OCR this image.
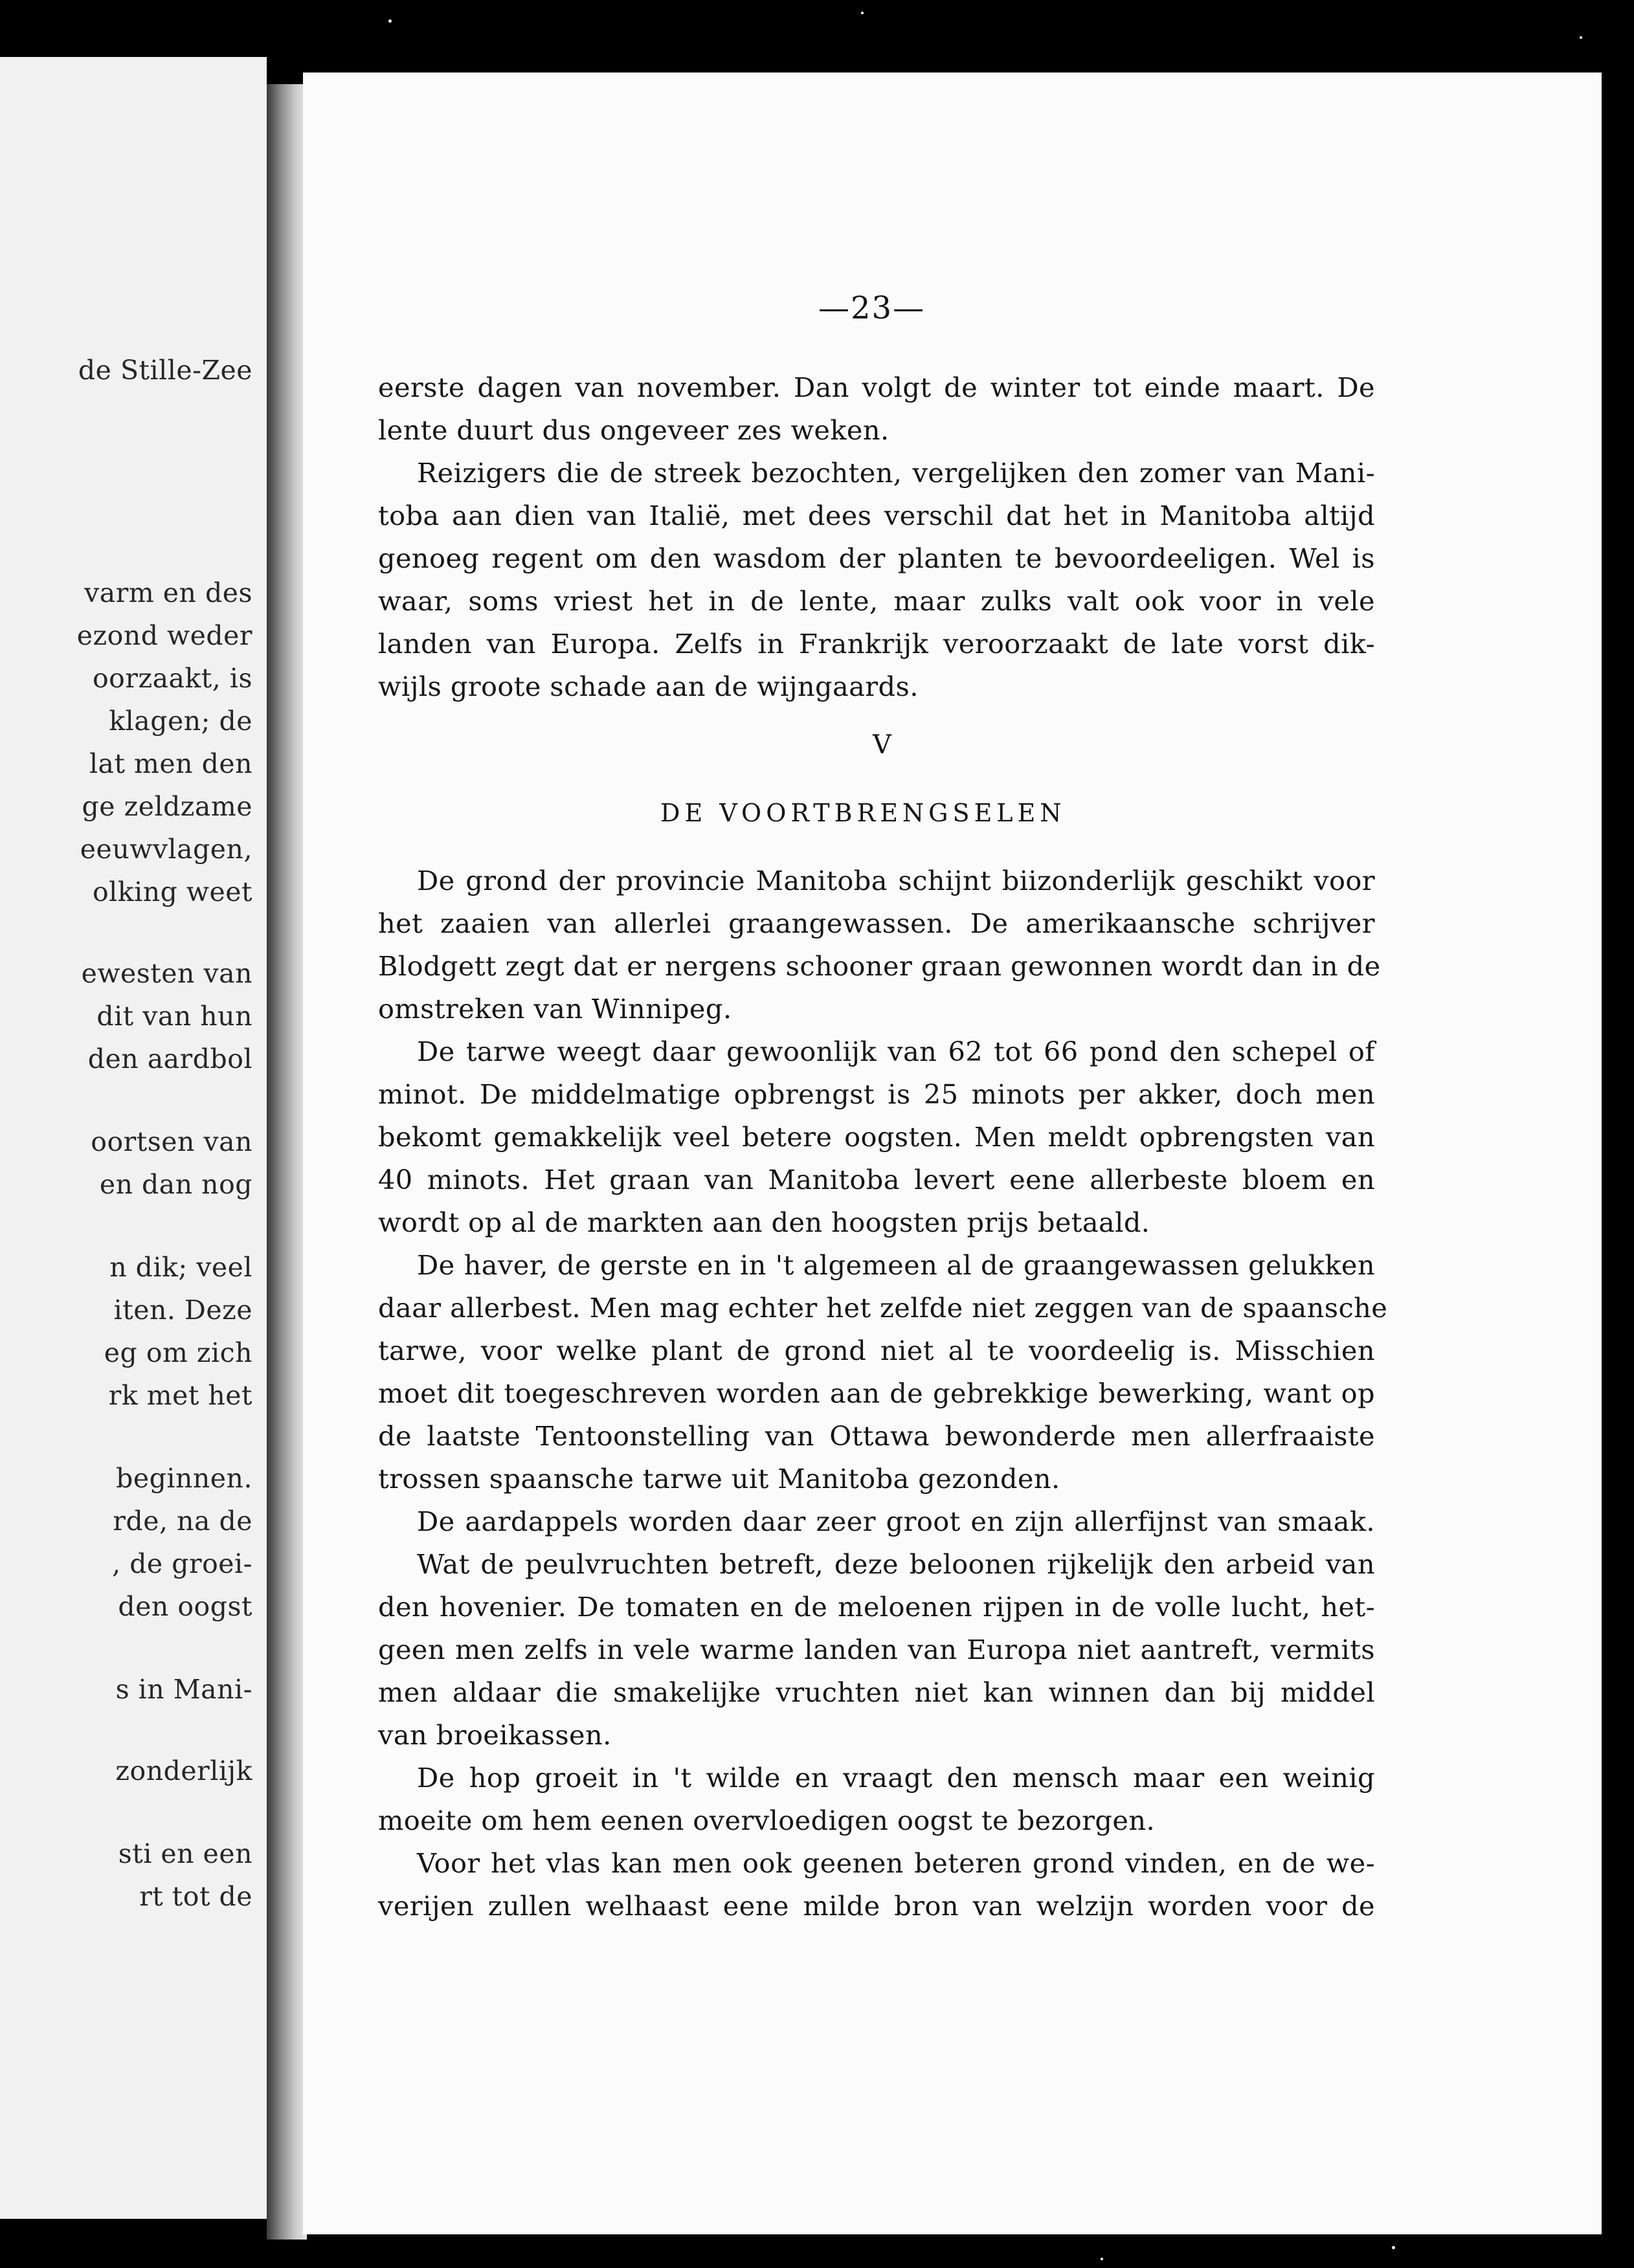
de Stille-Zee
varm en des
ezond weder
oorzaakt, is
klagen; de
lat men den
ge zeldzame
eeuwvlagen,
olking weet
ewesten van
dit van hun
den aardbol
oortsen van
en dan nog
n dik; veel
iten. Deze
eg om zich
rk met het
beginnen.
rde, na de
, de groei-
den oogst
s in Mani-
zonderlijk
sti en een
rt tot de
—23—
V
DE VOORTBRENGSELEN
eerste dagen van november. Dan volgt de winter tot einde maart. De
lente duurt dus ongeveer zes weken.
Reizigers die de streek bezochten, vergelijken den zomer van Mani-
toba aan dien van Italië, met dees verschil dat het in Manitoba altijd
genoeg regent om den wasdom der planten te bevoordeeligen. Wel is
waar, soms vriest het in de lente, maar zulks valt ook voor in vele
landen van Europa. Zelfs in Frankrijk veroorzaakt de late vorst dik-
wijls groote schade aan de wijngaards.
De grond der provincie Manitoba schijnt biizonderlijk geschikt voor
het zaaien van allerlei graangewassen. De amerikaansche schrijver
Blodgett zegt dat er nergens schooner graan gewonnen wordt dan in de
omstreken van Winnipeg.
De tarwe weegt daar gewoonlijk van 62 tot 66 pond den schepel of
minot. De middelmatige opbrengst is 25 minots per akker, doch men
bekomt gemakkelijk veel betere oogsten. Men meldt opbrengsten van
40 minots. Het graan van Manitoba levert eene allerbeste bloem en
wordt op al de markten aan den hoogsten prijs betaald.
De haver, de gerste en in 't algemeen al de graangewassen gelukken
daar allerbest. Men mag echter het zelfde niet zeggen van de spaansche
tarwe, voor welke plant de grond niet al te voordeelig is. Misschien
moet dit toegeschreven worden aan de gebrekkige bewerking, want op
de laatste Tentoonstelling van Ottawa bewonderde men allerfraaiste
trossen spaansche tarwe uit Manitoba gezonden.
De aardappels worden daar zeer groot en zijn allerfijnst van smaak.
Wat de peulvruchten betreft, deze beloonen rijkelijk den arbeid van
den hovenier. De tomaten en de meloenen rijpen in de volle lucht, het-
geen men zelfs in vele warme landen van Europa niet aantreft, vermits
men aldaar die smakelijke vruchten niet kan winnen dan bij middel
van broeikassen.
De hop groeit in 't wilde en vraagt den mensch maar een weinig
moeite om hem eenen overvloedigen oogst te bezorgen.
Voor het vlas kan men ook geenen beteren grond vinden, en de we-
verijen zullen welhaast eene milde bron van welzijn worden voor de
